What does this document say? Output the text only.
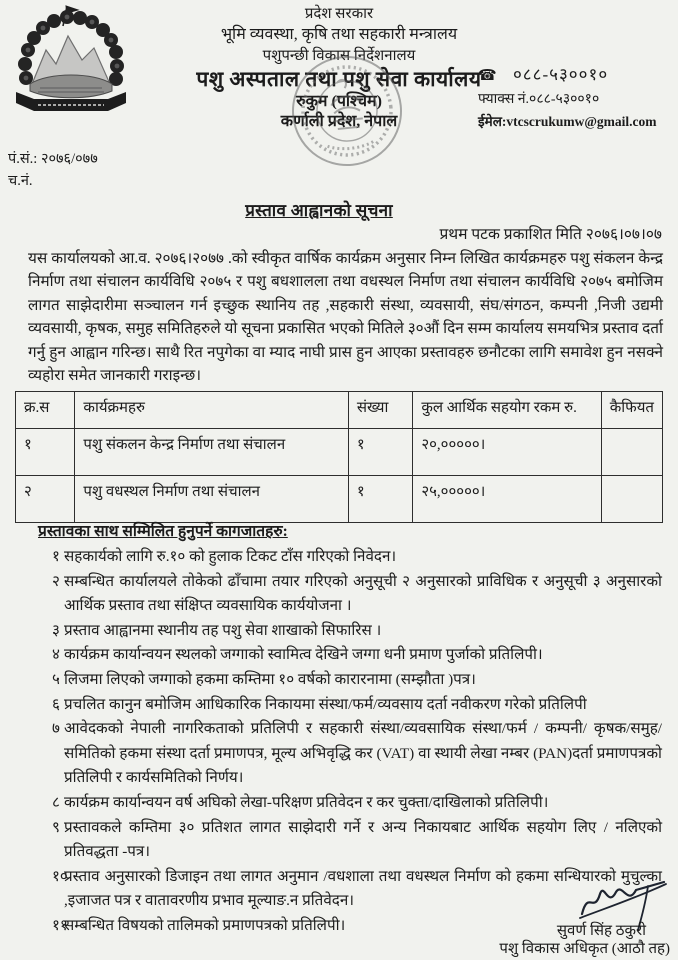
प्रदेश सरकार
भूमि व्यवस्था, कृषि तथा सहकारी मन्त्रालय
पशुपन्छी विकास निर्देशनालय
पशु अस्पताल तथा पशु सेवा कार्यालय
रुकुम (पश्चिम)
कर्णाली प्रदेश, नेपाल
☎ ०८८-५३००१०
फ्याक्स नं.०८८-५३००१०
ईमेल:vtcscrukumw@gmail.com
पं.सं.: २०७६/०७७
च.नं.
प्रस्ताव आह्वानको सूचना
प्रथम पटक प्रकाशित मिति २०७६।०७।०७
यस कार्यालयको आ.व. २०७६।२०७७ .को स्वीकृत वार्षिक कार्यक्रम अनुसार निम्न लिखित कार्यक्रमहरु पशु संकलन केन्द्र निर्माण तथा संचालन कार्यविधि २०७५ र पशु बधशालला तथा वधस्थल निर्माण तथा संचालन कार्यविधि २०७५ बमोजिम लागत साझेदारीमा सञ्चालन गर्न इच्छुक स्थानिय तह ,सहकारी संस्था, व्यवसायी, संघ/संगठन, कम्पनी ,निजी उद्यमी व्यवसायी, कृषक, समुह समितिहरुले यो सूचना प्रकासित भएको मितिले ३०औं दिन सम्म कार्यालय समयभित्र प्रस्ताव दर्ता गर्नु हुन आह्वान गरिन्छ। साथै रित नपुगेका वा म्याद नाघी प्रास हुन आएका प्रस्तावहरु छनौटका लागि समावेश हुन नसक्ने व्यहोरा समेत जानकारी गराइन्छ।
क्र.स	कार्यक्रमहरु	संख्या	कुल आर्थिक सहयोग रकम रु.	कैफियत
१	पशु संकलन केन्द्र निर्माण तथा संचालन	१	२०,०००००।	
२	पशु वधस्थल निर्माण तथा संचालन	१	२५,०००००।	
प्रस्तावका साथ सम्मिलित हुनुपर्ने कागजातहरु:
१ सहकार्यको लागि रु.१० को हुलाक टिकट टाँस गरिएको निवेदन।
२ सम्बन्धित कार्यालयले तोकेको ढाँचामा तयार गरिएको अनुसूची २ अनुसारको प्राविधिक र अनुसूची ३ अनुसारको आर्थिक प्रस्ताव तथा संक्षिप्त व्यवसायिक कार्ययोजना ।
३ प्रस्ताव आह्वानमा स्थानीय तह पशु सेवा शाखाको सिफारिस ।
४ कार्यक्रम कार्यान्वयन स्थलको जग्गाको स्वामित्व देखिने जग्गा धनी प्रमाण पुर्जाको प्रतिलिपी।
५ लिजमा लिएको जग्गाको हकमा कम्तिमा १० वर्षको कारारनामा (सम्झौता )पत्र।
६ प्रचलित कानुन बमोजिम आधिकारिक निकायमा संस्था/फर्म/व्यवसाय दर्ता नवीकरण गरेको प्रतिलिपी
७ आवेदकको नेपाली नागरिकताको प्रतिलिपी र सहकारी संस्था/व्यवसायिक संस्था/फर्म / कम्पनी/ कृषक/समुह/समितिको हकमा संस्था दर्ता प्रमाणपत्र, मूल्य अभिवृद्धि कर (VAT) वा स्थायी लेखा नम्बर (PAN)दर्ता प्रमाणपत्रको प्रतिलिपी र कार्यसमितिको निर्णय।
८ कार्यक्रम कार्यान्वयन वर्ष अघिको लेखा-परिक्षण प्रतिवेदन र कर चुक्ता/दाखिलाको प्रतिलिपी।
९ प्रस्तावकले कम्तिमा ३० प्रतिशत लागत साझेदारी गर्ने र अन्य निकायबाट आर्थिक सहयोग लिए / नलिएको प्रतिवद्धता -पत्र।
१०
प्रस्ताव अनुसारको डिजाइन तथा लागत अनुमान /वधशाला तथा वधस्थल निर्माण को हकमा सन्धियारको मुचुल्का ,इजाजत पत्र र वातावरणीय प्रभाव मूल्याङ.न प्रतिवेदन।
११
सम्बन्धित विषयको तालिमको प्रमाणपत्रको प्रतिलिपी।	सुवर्ण सिंह ठकुरी
पशु विकास अधिकृत (आठौ तह)
